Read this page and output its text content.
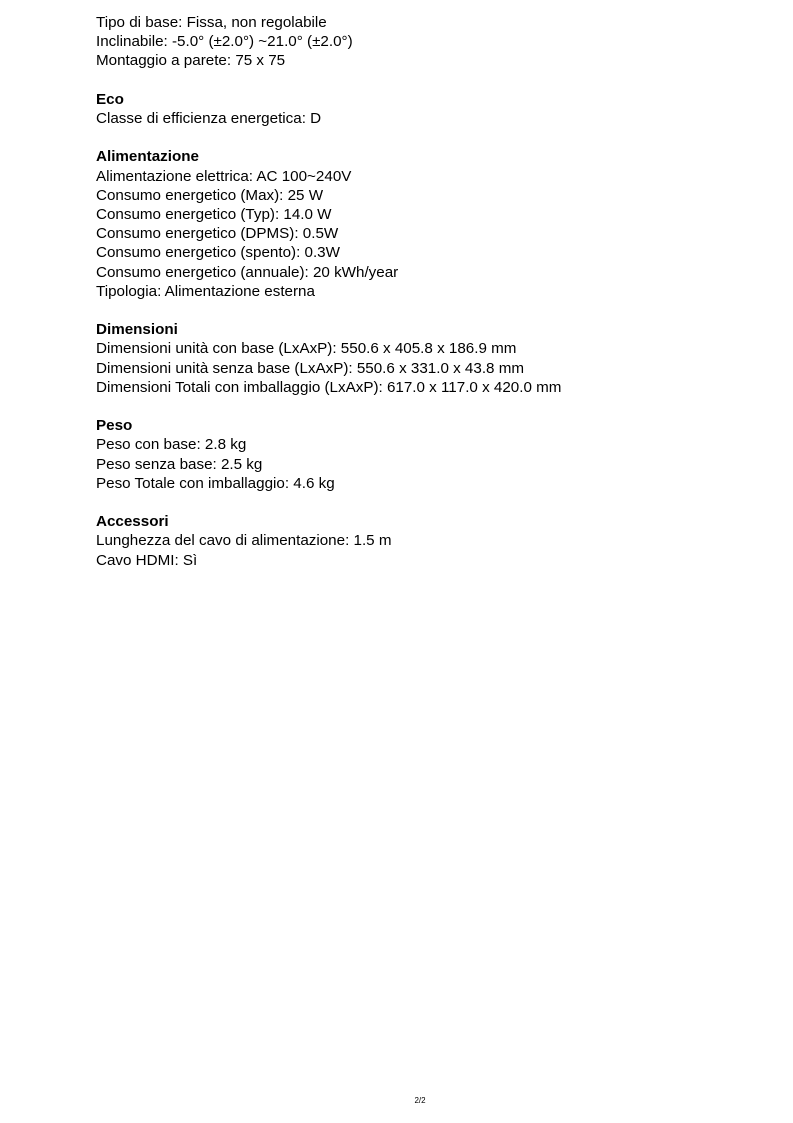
Tipo di base: Fissa, non regolabile
Inclinabile: -5.0° (±2.0°) ~21.0° (±2.0°)
Montaggio a parete: 75 x 75
Eco
Classe di efficienza energetica: D
Alimentazione
Alimentazione elettrica: AC 100~240V
Consumo energetico (Max): 25 W
Consumo energetico (Typ): 14.0 W
Consumo energetico (DPMS): 0.5W
Consumo energetico (spento): 0.3W
Consumo energetico (annuale): 20 kWh/year
Tipologia: Alimentazione esterna
Dimensioni
Dimensioni unità con base (LxAxP): 550.6 x 405.8 x 186.9 mm
Dimensioni unità senza base (LxAxP): 550.6 x 331.0 x 43.8 mm
Dimensioni Totali con imballaggio (LxAxP): 617.0 x 117.0 x 420.0 mm
Peso
Peso con base: 2.8 kg
Peso senza base: 2.5 kg
Peso Totale con imballaggio: 4.6 kg
Accessori
Lunghezza del cavo di alimentazione: 1.5 m
Cavo HDMI: Sì
2/2
